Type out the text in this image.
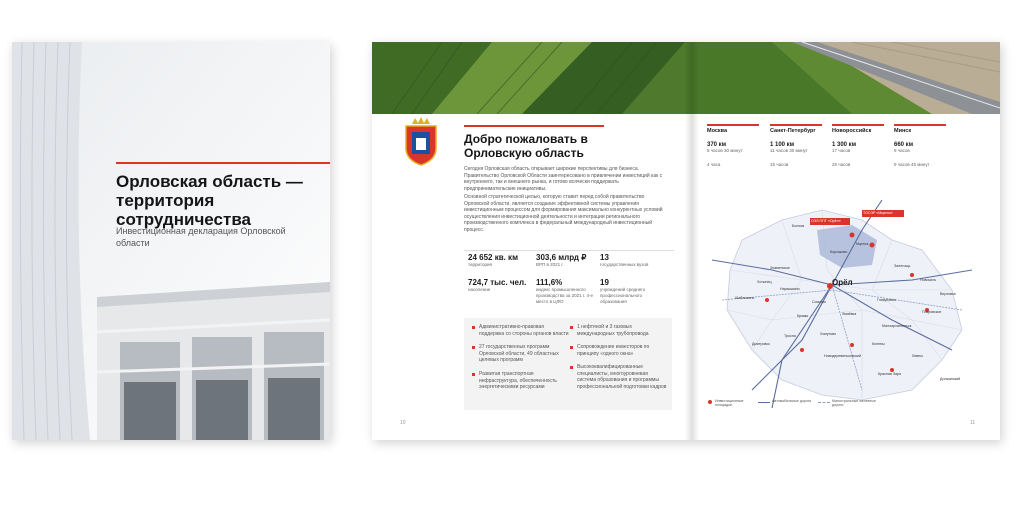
Орловская область — территория сотрудничества
Инвестиционная декларация Орловской области
Добро пожаловать в Орловскую область
Сегодня Орловская область открывает широкие перспективы для бизнеса. Правительство Орловской Области заинтересовано в привлечении инвестиций как с внутреннего, так и внешнего рынка, и готово всячески поддержать предпринимательские инициативы.
Основной стратегической целью, которую ставит перед собой правительство Орловской области, является создание эффективной системы управления инвестиционным процессом для формирования максимально конкурентных условий осуществления инвестиционной деятельности и интеграции регионального производственного комплекса в федеральный международный инвестиционный процесс.
24 652 кв. км
территория
303,6 млрд ₽
ВРП в 2021 г.
13
государственных вузов
724,7 тыс. чел.
население
111,6%
индекс промышленного производства за 2021 г. 4-е место в ЦФО
19
учреждений среднего профессионального образования
Административно-правовая поддержка со стороны органов власти
27 государственных программ Орловской области, 49 областных целевых программ
Развитая транспортная инфраструктура, обеспеченность энергетическими ресурсами
1 нефтяной и 3 газовых международных трубопровода
Сопровождение инвесторов по принципу «одного окна»
Высококвалифицированные специалисты, многоуровневая система образования и программы профессиональной подготовки кадров
10
Москва
370 км
5 часов 30 минут
4 часа
Санкт-Петербург
1 100 км
11 часов 30 минут
15 часов
Новороссийск
1 300 км
17 часов
25 часов
Минск
660 км
9 часов
9 часов 45 минут
ОЭЗ ППТ «Орёл»
ТОСЭР «Мценск»
Орёл
Болхов
Мценск
Шаблыкино
Знаменское
Хотынец
Нарышкино
Кромы
Тросна
Дмитровск
Змиёвка
Глазуновка
Малоархангельск
Покровское
Новосиль
Корсаково
Залегощь
Верховье
Колпны
Ливны
Должанский
Хомутово
Сосково
Новодеревеньковский
Красная Заря
Инвестиционные площадки
Автомобильные дороги	Магистральные железные дороги
11
